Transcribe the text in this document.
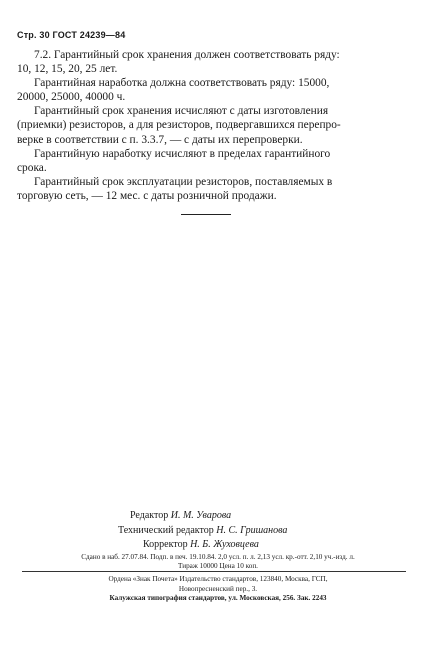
Стр. 30 ГОСТ 24239—84

7.2. Гарантийный срок хранения должен соответствовать ряду:

10, 12, 15, 20, 25 лет.

Гарантийная наработка должна соответствовать ряду: 15000,

20000, 25000, 40000 ч.

Гарантийный срок хранения исчисляют с даты изготовления

(приемки) резисторов, а для резисторов, подвергавшихся перепро-

верке в соответствии с п. 3.3.7, — с даты их перепроверки.

Гарантийную наработку исчисляют в пределах гарантийного

срока.

Гарантийный срок эксплуатации резисторов, поставляемых в

торговую сеть, — 12 мес. с даты розничной продажи.

Редактор И. М. Уварова
Технический редактор Н. С. Гришанова
Корректор Н. Б. Жуховцева
Сдано в наб. 27.07.84. Подп. в печ. 19.10.84. 2,0 усл. п. л. 2,13 усл. кр.-отт. 2,10 уч.-изд. л.
Тираж 10000 Цена 10 коп.
Ордена «Знак Почета» Издательство стандартов, 123840, Москва, ГСП,
Новопресненский пер., 3.
Калужская типография стандартов, ул. Московская, 256. Зак. 2243
